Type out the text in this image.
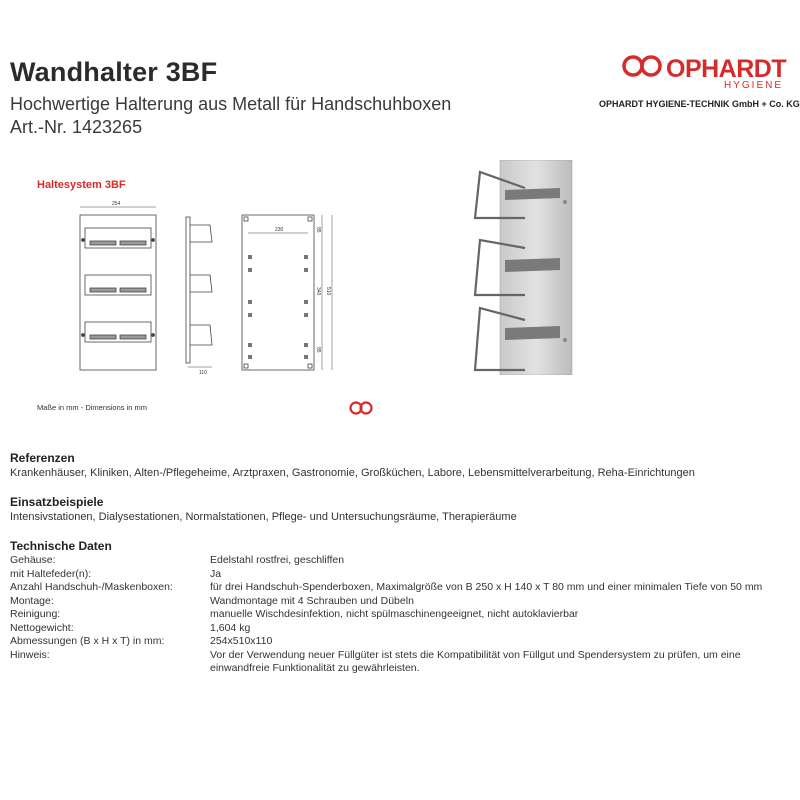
Wandhalter 3BF
Hochwertige Halterung aus Metall für Handschuhboxen
Art.-Nr. 1423265
OPHARDT
HYGIENE
OPHARDT HYGIENE-TECHNIK GmbH + Co. KG
Haltesystem 3BF
254
110
230	85
340 510
85
Maße in mm - Dimensions in mm
Referenzen
Krankenhäuser, Kliniken, Alten-/Pflegeheime, Arztpraxen, Gastronomie, Großküchen, Labore, Lebensmittelverarbeitung, Reha-Einrichtungen
Einsatzbeispiele
Intensivstationen, Dialysestationen, Normalstationen, Pflege- und Untersuchungsräume, Therapieräume
Technische Daten
Gehäuse:	Edelstahl rostfrei, geschliffen
mit Haltefeder(n):	Ja
Anzahl Handschuh-/Maskenboxen:	für drei Handschuh-Spenderboxen, Maximalgröße von B 250 x H 140 x T 80 mm und einer minimalen Tiefe von 50 mm
Montage:	Wandmontage mit 4 Schrauben und Dübeln
Reinigung:	manuelle Wischdesinfektion, nicht spülmaschinengeeignet, nicht autoklavierbar
Nettogewicht:	1,604 kg
Abmessungen (B x H x T) in mm:	254x510x110
Hinweis:	Vor der Verwendung neuer Füllgüter ist stets die Kompatibilität von Füllgut und Spendersystem zu prüfen, um eine einwandfreie Funktionalität zu gewährleisten.
